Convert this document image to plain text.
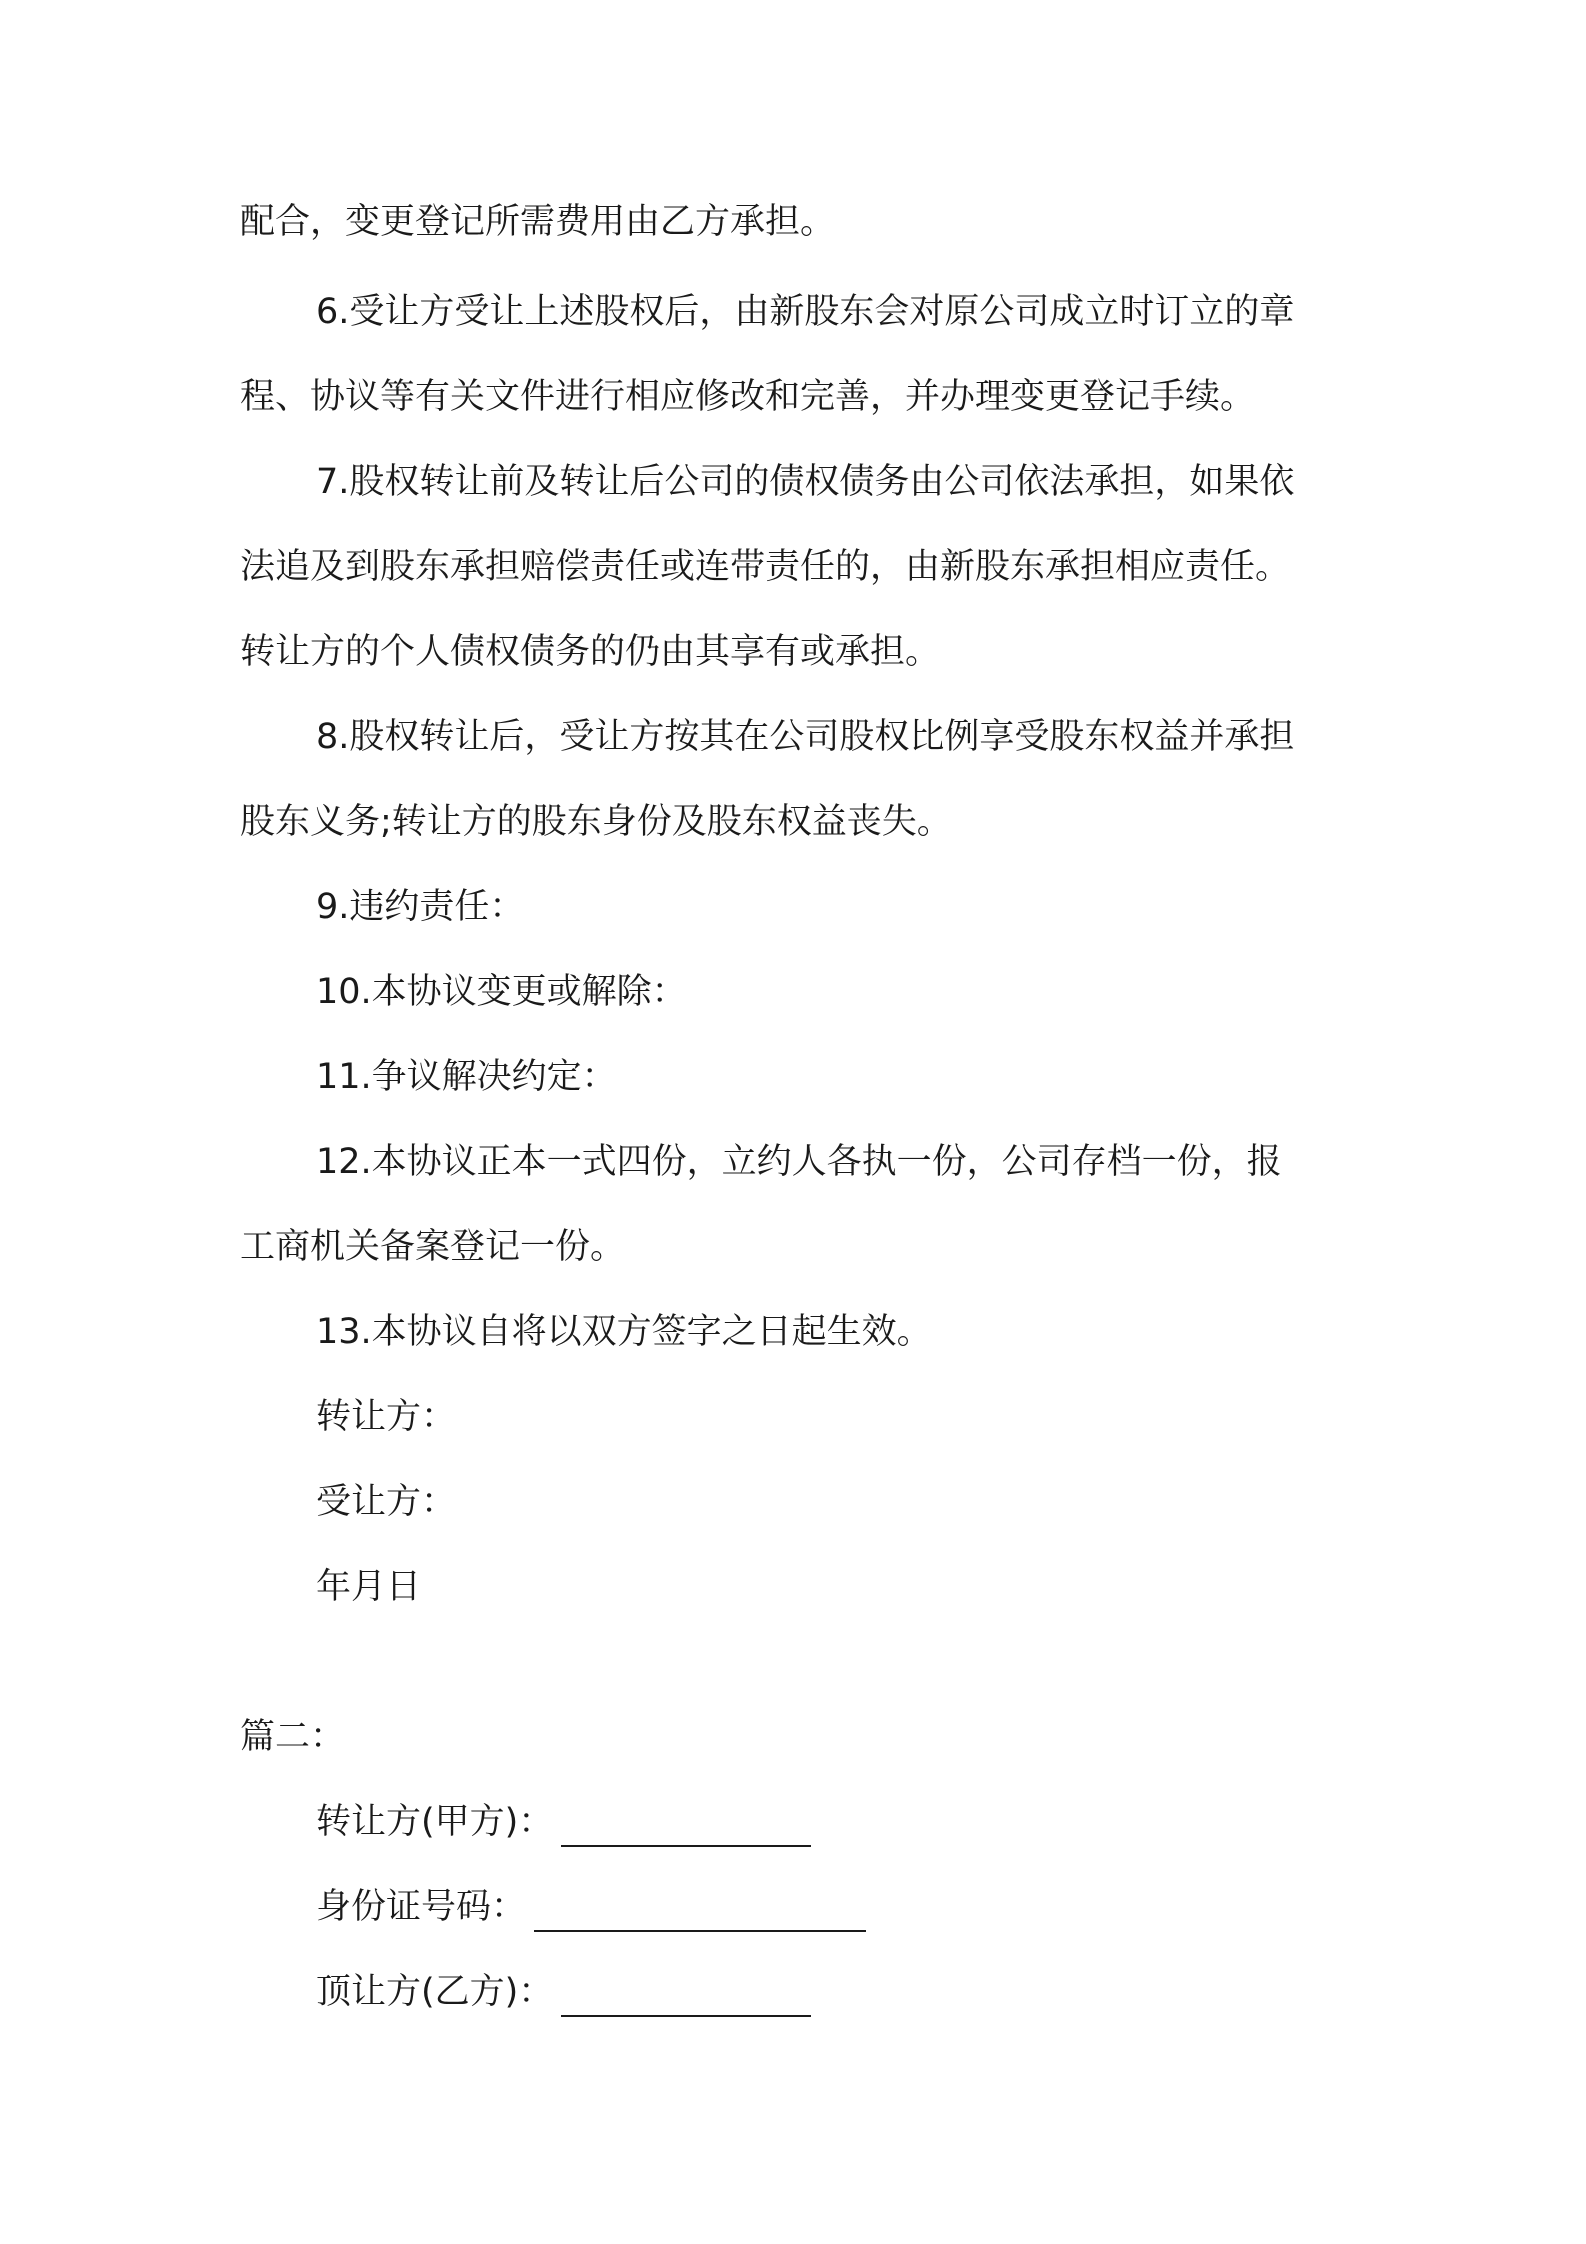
配合，变更登记所需费用由乙方承担。

6.受让方受让上述股权后，由新股东会对原公司成立时订立的章

程、协议等有关文件进行相应修改和完善，并办理变更登记手续。

7.股权转让前及转让后公司的债权债务由公司依法承担，如果依

法追及到股东承担赔偿责任或连带责任的，由新股东承担相应责任。

转让方的个人债权债务的仍由其享有或承担。

8.股权转让后，受让方按其在公司股权比例享受股东权益并承担

股东义务;转让方的股东身份及股东权益丧失。

9.违约责任：

10.本协议变更或解除：

11.争议解决约定：

12.本协议正本一式四份，立约人各执一份，公司存档一份，报

工商机关备案登记一份。

13.本协议自将以双方签字之日起生效。

转让方：

受让方：

年月日

篇二：

转让方(甲方)：
身份证号码：
顶让方(乙方)：
